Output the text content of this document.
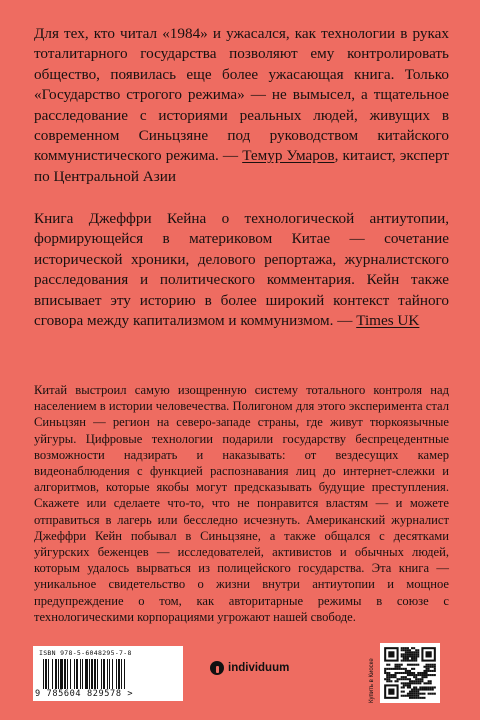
Для тех, кто читал «1984» и ужасался, как технологии в руках тоталитарного государства позволяют ему контролировать общество, появилась еще более ужасающая книга. Только «Государство строгого режима» — не вымысел, а тщательное расследование с историями реальных людей, живущих в современном Синьцзяне под руководством китайского коммунистического режима. — Темур Умаров, китаист, эксперт по Центральной Азии
Книга Джеффри Кейна о технологической антиутопии, формирующейся в материковом Китае — сочетание исторической хроники, делового репортажа, журналистского расследования и политического комментария. Кейн также вписывает эту историю в более широкий контекст тайного сговора между капитализмом и коммунизмом. — Times UK
Китай выстроил самую изощренную систему тотального контроля над населением в истории человечества. Полигоном для этого эксперимента стал Синьцзян — регион на северо-западе страны, где живут тюркоязычные уйгуры. Цифровые технологии подарили государству беспрецедентные возможности надзирать и наказывать: от вездесущих камер видеонаблюдения с функцией распознавания лиц до интернет-слежки и алгоритмов, которые якобы могут предсказывать будущие преступления. Скажете или сделаете что-то, что не понравится властям — и можете отправиться в лагерь или бесследно исчезнуть. Американский журналист Джеффри Кейн побывал в Синьцзяне, а также общался с десятками уйгурских беженцев — исследователей, активистов и обычных людей, которым удалось вырваться из полицейского государства. Эта книга — уникальное свидетельство о жизни внутри антиутопии и мощное предупреждение о том, как авторитарные режимы в союзе с технологическими корпорациями угрожают нашей свободе.
ISBN 978-5-6048295-7-8
9 785604 829578 >
individuum	Купить в Киоске
